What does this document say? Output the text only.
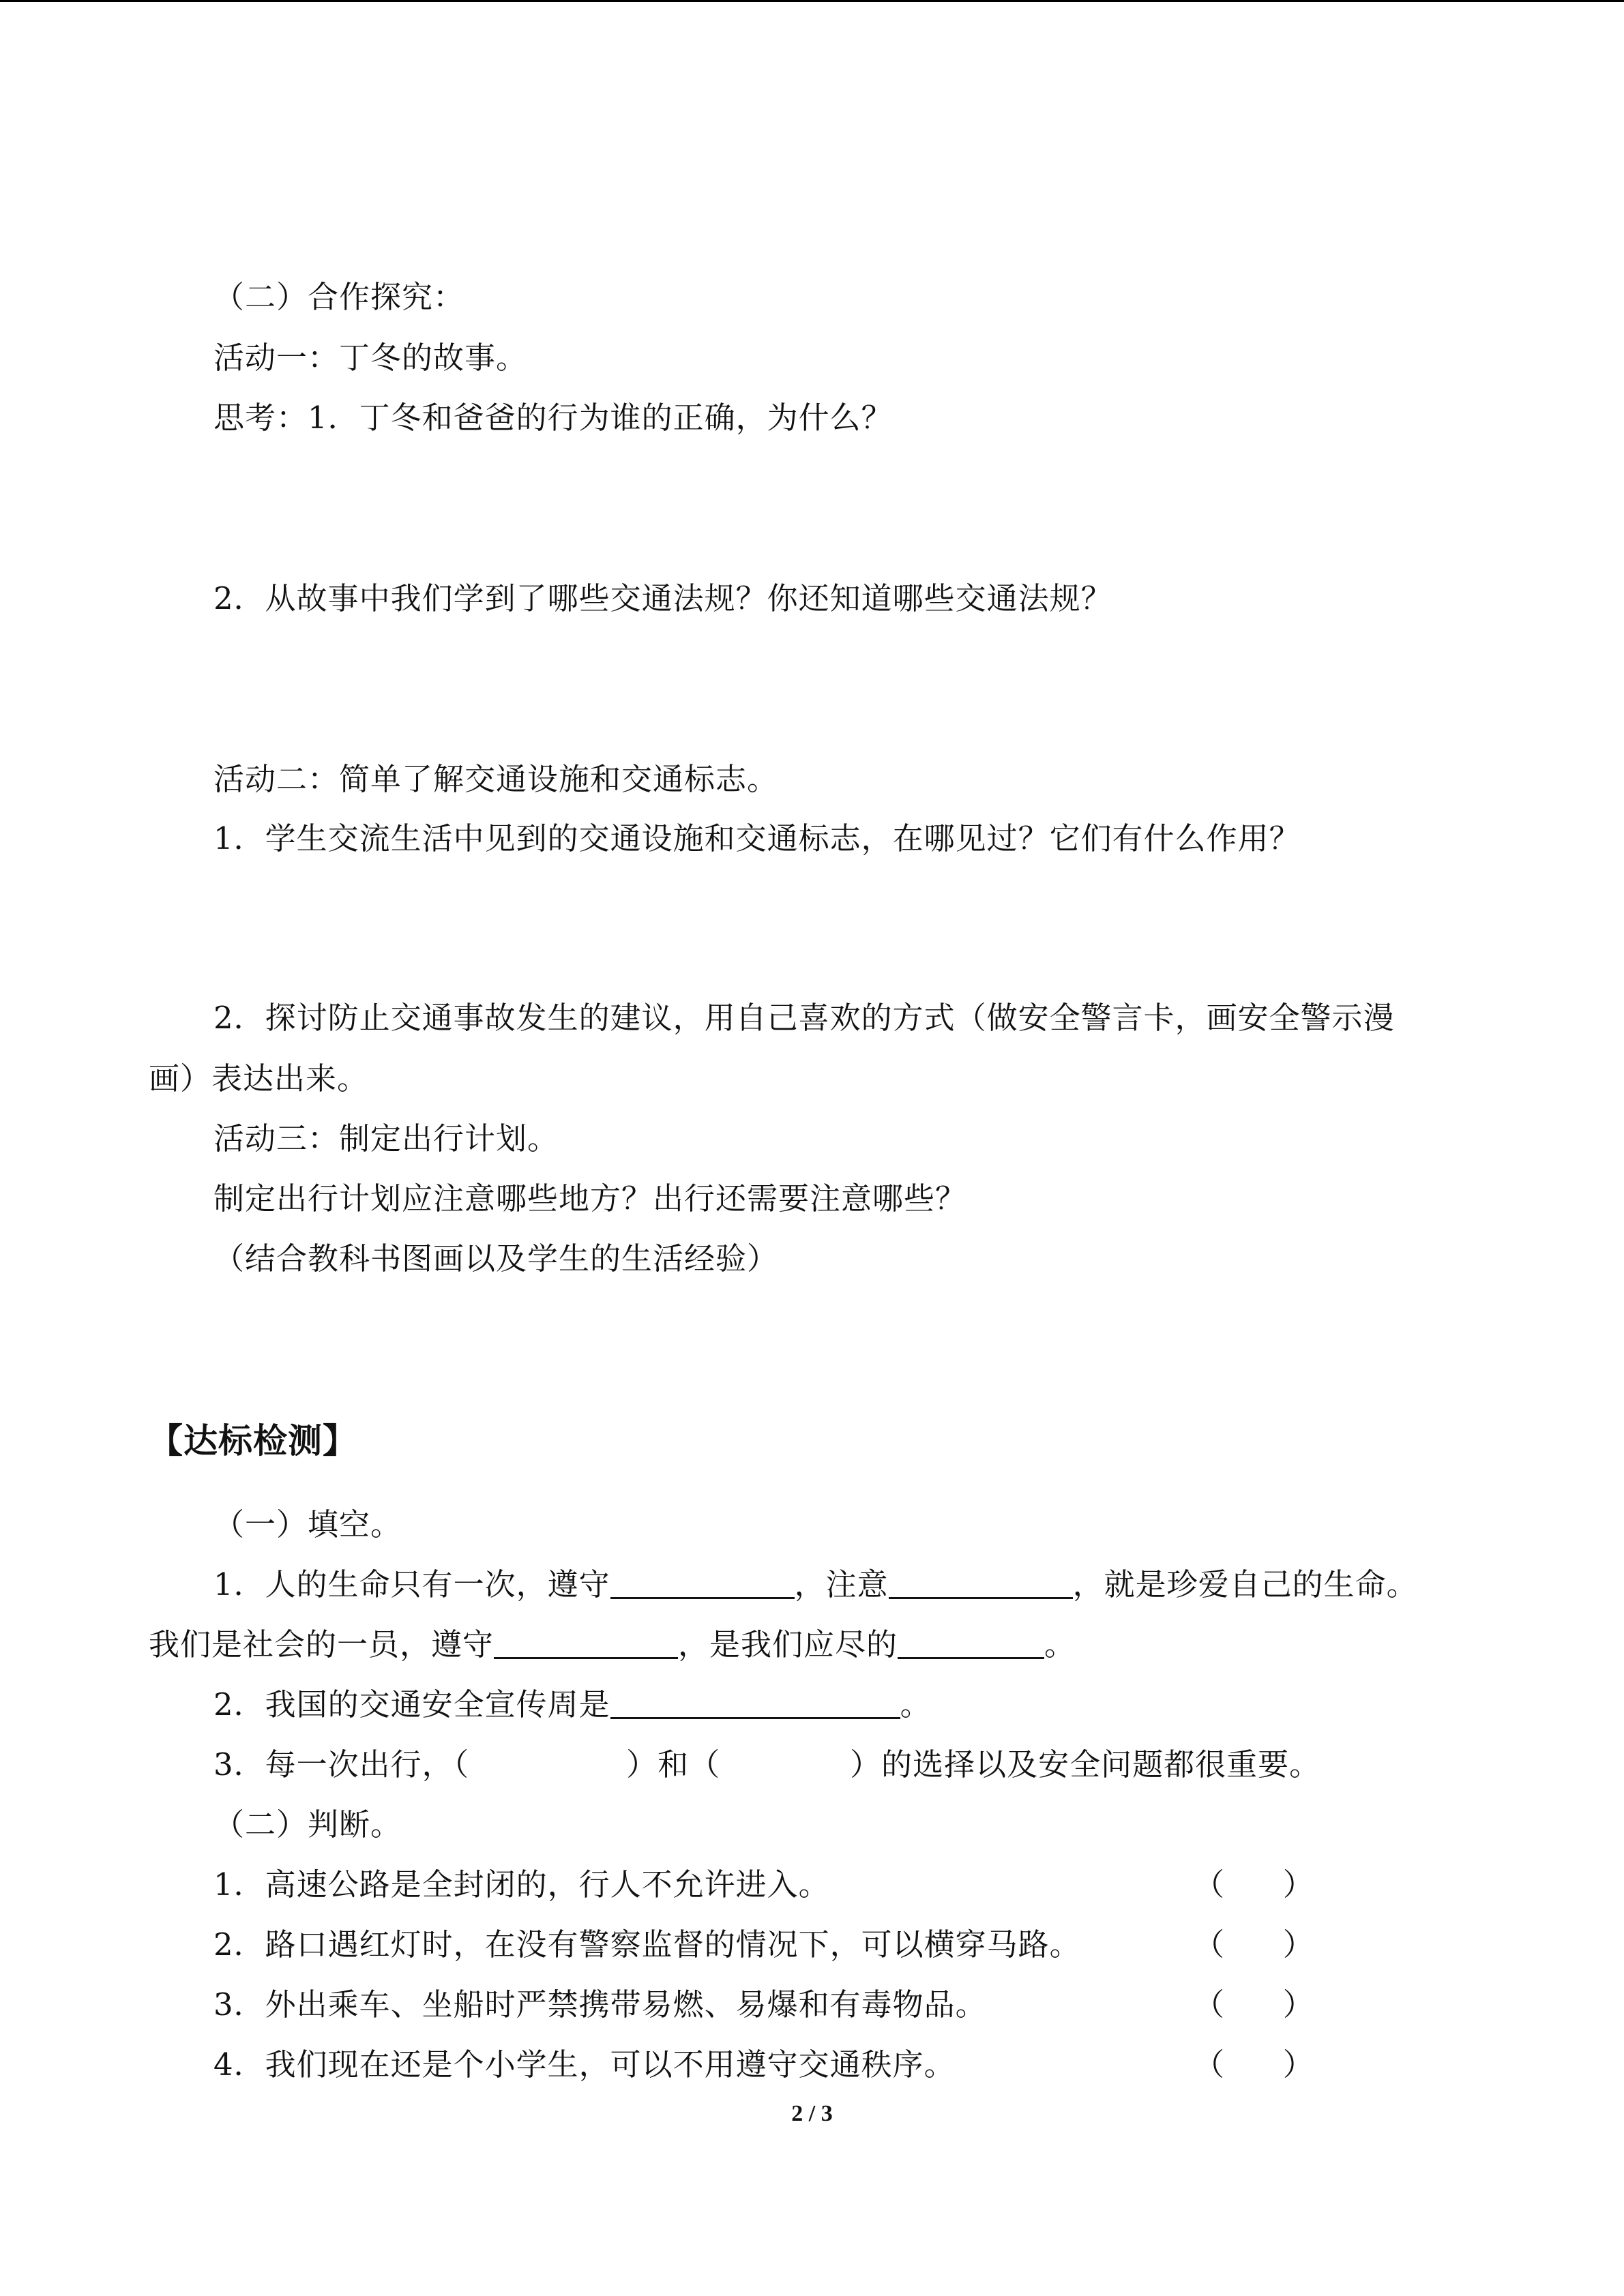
（二）合作探究：

活动一：丁冬的故事。

思考：1．丁冬和爸爸的行为谁的正确，为什么？

2．从故事中我们学到了哪些交通法规？你还知道哪些交通法规？

活动二：简单了解交通设施和交通标志。

1．学生交流生活中见到的交通设施和交通标志，在哪见过？它们有什么作用？

2．探讨防止交通事故发生的建议，用自己喜欢的方式（做安全警言卡，画安全警示漫

画）表达出来。

活动三：制定出行计划。

制定出行计划应注意哪些地方？出行还需要注意哪些？

（结合教科书图画以及学生的生活经验）

【达标检测】

（一）填空。

1．人的生命只有一次，遵守	，注意	，就是珍爱自己的生命。

我们是社会的一员，遵守	，是我们应尽的	。

2．我国的交通安全宣传周是	。

3．每一次出行，（	）和（	）的选择以及安全问题都很重要。

（二）判断。

1．高速公路是全封闭的，行人不允许进入。	（      ）

2．路口遇红灯时，在没有警察监督的情况下，可以横穿马路。	（      ）

3．外出乘车、坐船时严禁携带易燃、易爆和有毒物品。	（      ）

4．我们现在还是个小学生，可以不用遵守交通秩序。	（      ）
2 / 3
